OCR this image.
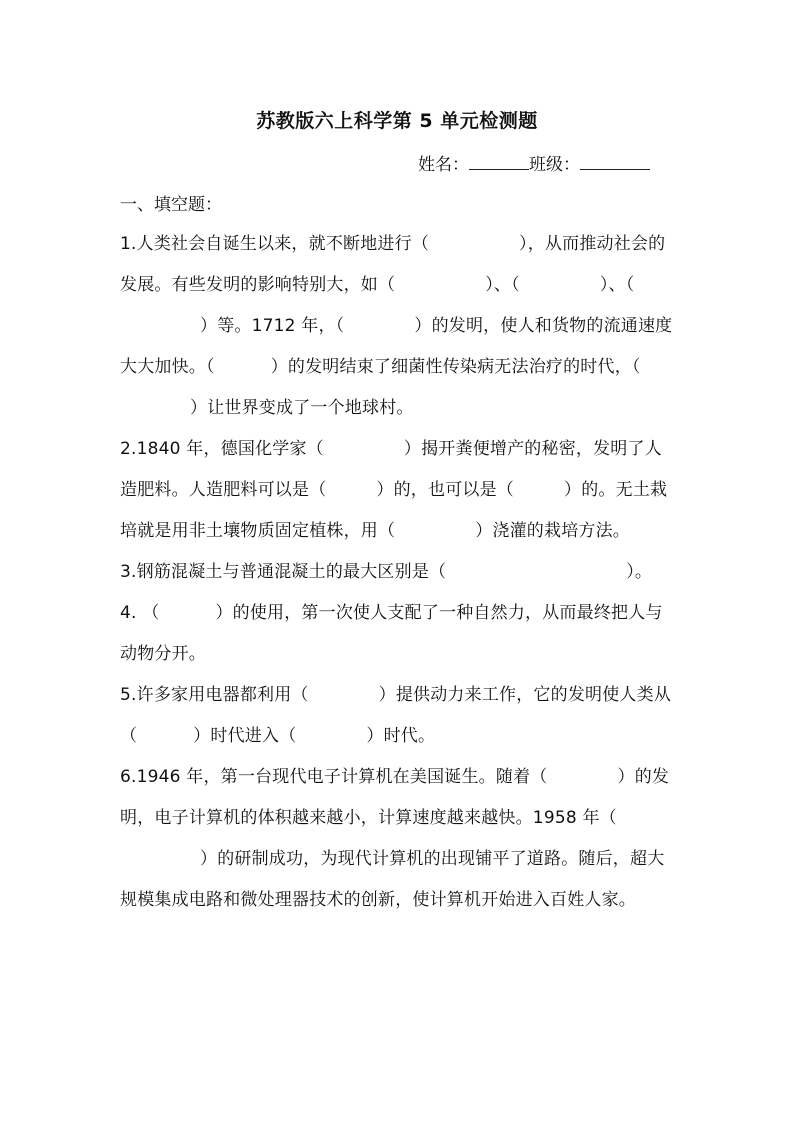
苏教版六上科学第 5 单元检测题
姓名：	班级：
一、填空题：

1.人类社会自诞生以来，就不断地进行（	），从而推动社会的发展。有些发明的影响特别大，如（	）、（	）、（）等。1712 年，（	）的发明，使人和货物的流通速度大大加快。（	）的发明结束了细菌性传染病无法治疗的时代，（）让世界变成了一个地球村。

2.1840 年，德国化学家（	）揭开粪便增产的秘密，发明了人造肥料。人造肥料可以是（	）的，也可以是（	）的。无土栽培就是用非土壤物质固定植株，用（	）浇灌的栽培方法。

3.钢筋混凝土与普通混凝土的最大区别是（	）。

4. （	）的使用，第一次使人支配了一种自然力，从而最终把人与动物分开。

5.许多家用电器都利用（	）提供动力来工作，它的发明使人类从（	）时代进入（	）时代。

6.1946 年，第一台现代电子计算机在美国诞生。随着（	）的发明，电子计算机的体积越来越小，计算速度越来越快。1958 年（）的研制成功，为现代计算机的出现铺平了道路。随后，超大规模集成电路和微处理器技术的创新，使计算机开始进入百姓人家。
